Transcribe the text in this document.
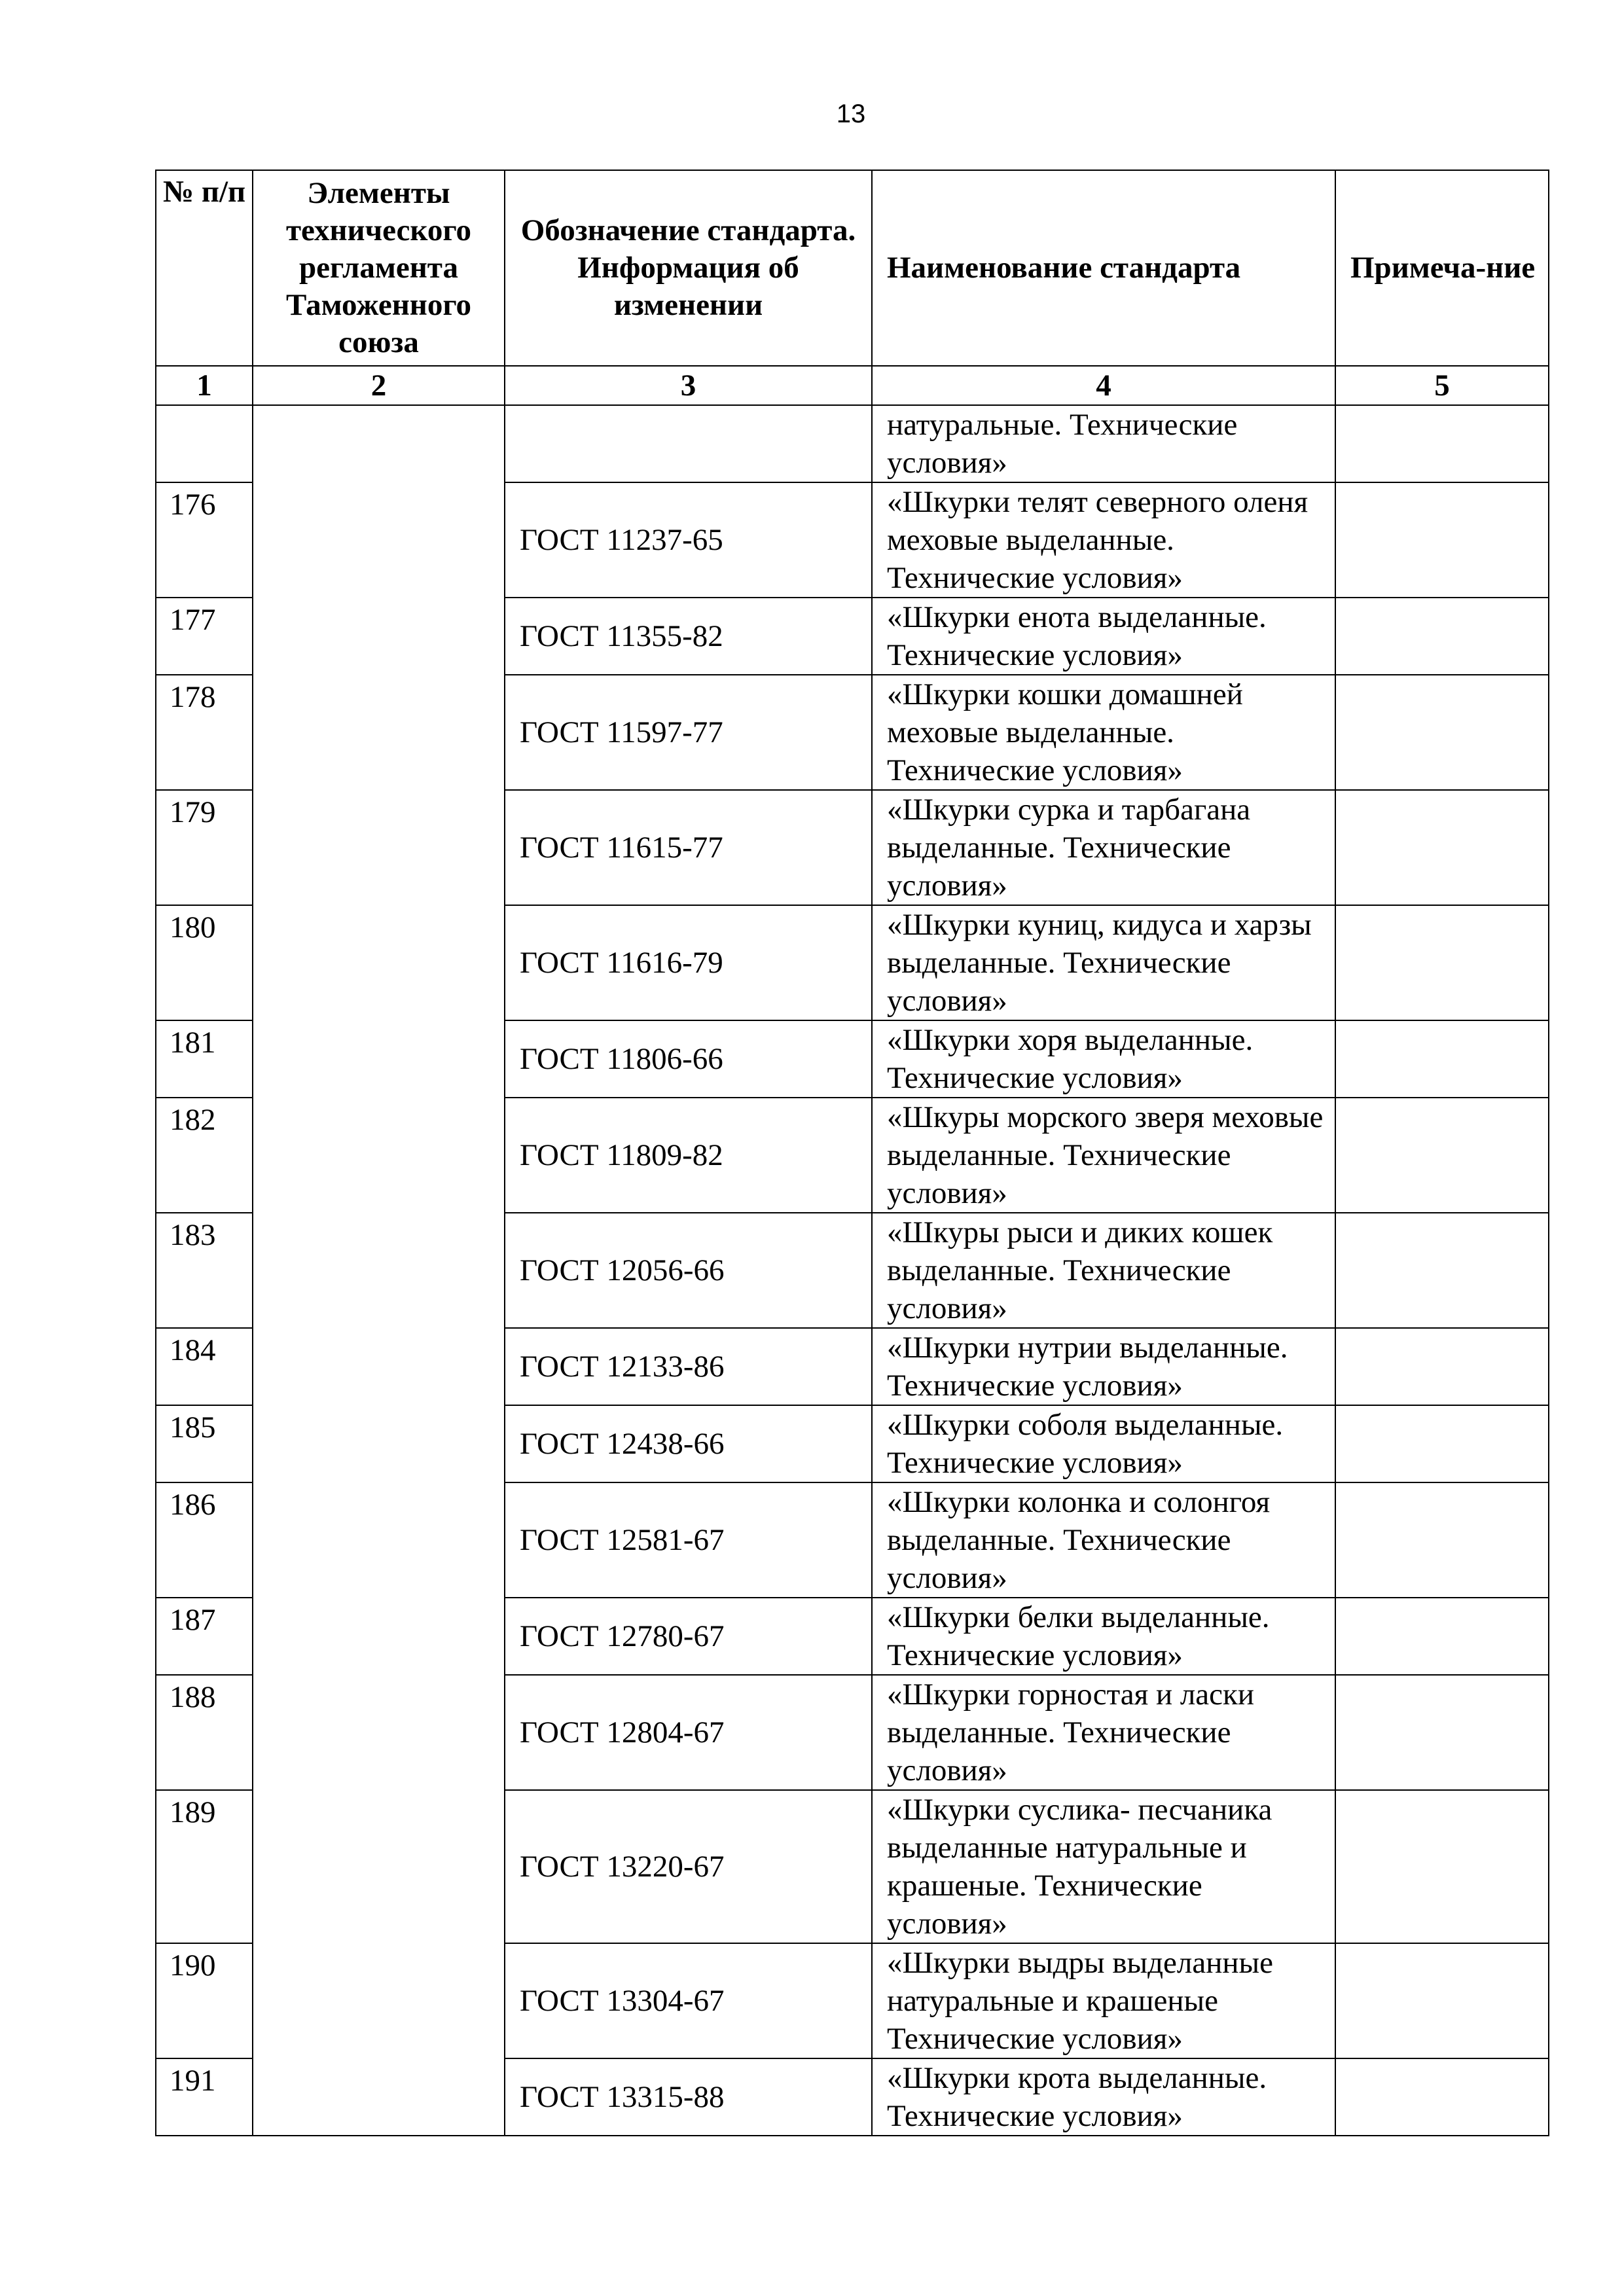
13
№ п/п	Элементы технического регламента Таможенного союза	Обозначение стандарта. Информация об изменении	Наименование стандарта	Примеча-ние
1	2	3	4	5
			натуральные. Технические условия»	
176		ГОСТ 11237-65	«Шкурки телят северного оленя меховые выделанные. Технические условия»	
177		ГОСТ 11355-82	«Шкурки енота выделанные. Технические условия»	
178		ГОСТ 11597-77	«Шкурки кошки домашней меховые выделанные. Технические условия»	
179		ГОСТ 11615-77	«Шкурки сурка и тарбагана выделанные. Технические условия»	
180		ГОСТ 11616-79	«Шкурки куниц, кидуса и харзы выделанные. Технические условия»	
181		ГОСТ 11806-66	«Шкурки хоря выделанные. Технические условия»	
182		ГОСТ 11809-82	«Шкуры морского зверя меховые выделанные. Технические условия»	
183		ГОСТ 12056-66	«Шкуры рыси и диких кошек выделанные. Технические условия»	
184		ГОСТ 12133-86	«Шкурки нутрии выделанные. Технические условия»	
185		ГОСТ 12438-66	«Шкурки соболя выделанные. Технические условия»	
186		ГОСТ 12581-67	«Шкурки колонка и солонгоя выделанные. Технические условия»	
187		ГОСТ 12780-67	«Шкурки белки выделанные. Технические условия»	
188		ГОСТ 12804-67	«Шкурки горностая и ласки выделанные. Технические условия»	
189		ГОСТ 13220-67	«Шкурки суслика- песчаника выделанные натуральные и крашеные. Технические условия»	
190		ГОСТ 13304-67	«Шкурки выдры выделанные натуральные и крашеные Технические условия»	
191		ГОСТ 13315-88	«Шкурки крота выделанные. Технические условия»	
